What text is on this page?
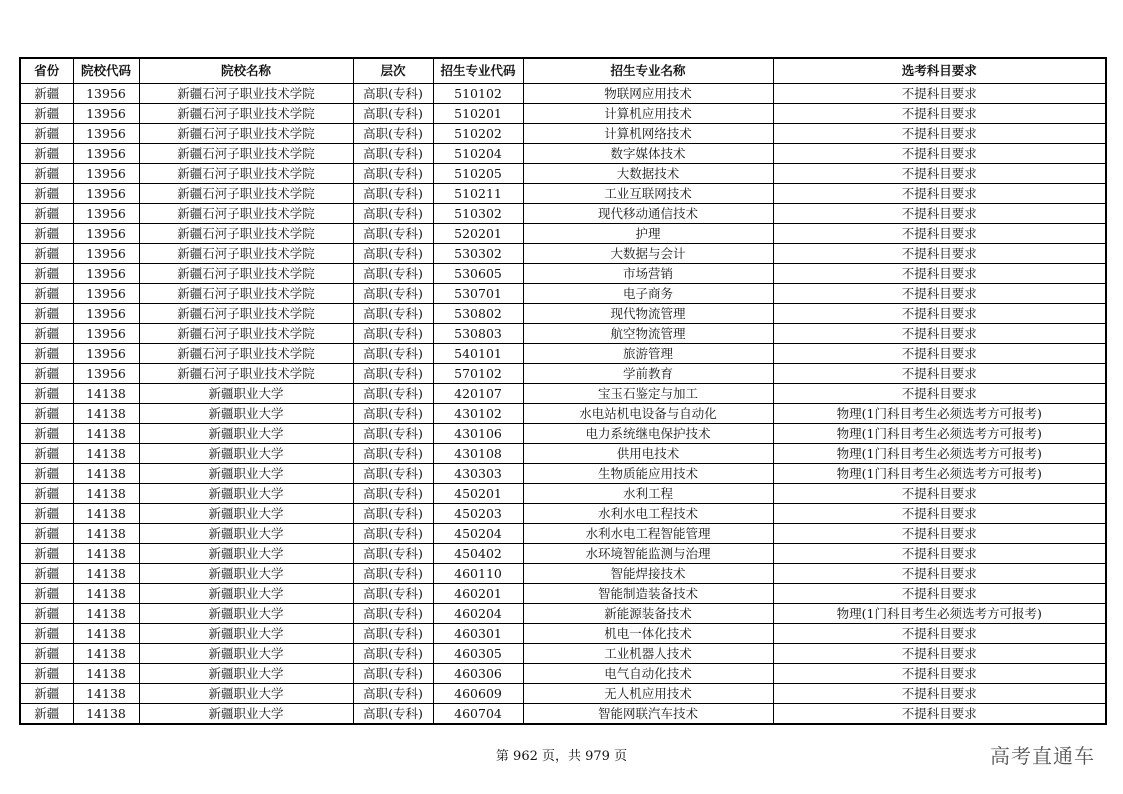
省份	院校代码	院校名称	层次	招生专业代码	招生专业名称	选考科目要求
新疆	13956	新疆石河子职业技术学院	高职(专科)	510102	物联网应用技术	不提科目要求
新疆	13956	新疆石河子职业技术学院	高职(专科)	510201	计算机应用技术	不提科目要求
新疆	13956	新疆石河子职业技术学院	高职(专科)	510202	计算机网络技术	不提科目要求
新疆	13956	新疆石河子职业技术学院	高职(专科)	510204	数字媒体技术	不提科目要求
新疆	13956	新疆石河子职业技术学院	高职(专科)	510205	大数据技术	不提科目要求
新疆	13956	新疆石河子职业技术学院	高职(专科)	510211	工业互联网技术	不提科目要求
新疆	13956	新疆石河子职业技术学院	高职(专科)	510302	现代移动通信技术	不提科目要求
新疆	13956	新疆石河子职业技术学院	高职(专科)	520201	护理	不提科目要求
新疆	13956	新疆石河子职业技术学院	高职(专科)	530302	大数据与会计	不提科目要求
新疆	13956	新疆石河子职业技术学院	高职(专科)	530605	市场营销	不提科目要求
新疆	13956	新疆石河子职业技术学院	高职(专科)	530701	电子商务	不提科目要求
新疆	13956	新疆石河子职业技术学院	高职(专科)	530802	现代物流管理	不提科目要求
新疆	13956	新疆石河子职业技术学院	高职(专科)	530803	航空物流管理	不提科目要求
新疆	13956	新疆石河子职业技术学院	高职(专科)	540101	旅游管理	不提科目要求
新疆	13956	新疆石河子职业技术学院	高职(专科)	570102	学前教育	不提科目要求
新疆	14138	新疆职业大学	高职(专科)	420107	宝玉石鉴定与加工	不提科目要求
新疆	14138	新疆职业大学	高职(专科)	430102	水电站机电设备与自动化	物理(1门科目考生必须选考方可报考)
新疆	14138	新疆职业大学	高职(专科)	430106	电力系统继电保护技术	物理(1门科目考生必须选考方可报考)
新疆	14138	新疆职业大学	高职(专科)	430108	供用电技术	物理(1门科目考生必须选考方可报考)
新疆	14138	新疆职业大学	高职(专科)	430303	生物质能应用技术	物理(1门科目考生必须选考方可报考)
新疆	14138	新疆职业大学	高职(专科)	450201	水利工程	不提科目要求
新疆	14138	新疆职业大学	高职(专科)	450203	水利水电工程技术	不提科目要求
新疆	14138	新疆职业大学	高职(专科)	450204	水利水电工程智能管理	不提科目要求
新疆	14138	新疆职业大学	高职(专科)	450402	水环境智能监测与治理	不提科目要求
新疆	14138	新疆职业大学	高职(专科)	460110	智能焊接技术	不提科目要求
新疆	14138	新疆职业大学	高职(专科)	460201	智能制造装备技术	不提科目要求
新疆	14138	新疆职业大学	高职(专科)	460204	新能源装备技术	物理(1门科目考生必须选考方可报考)
新疆	14138	新疆职业大学	高职(专科)	460301	机电一体化技术	不提科目要求
新疆	14138	新疆职业大学	高职(专科)	460305	工业机器人技术	不提科目要求
新疆	14138	新疆职业大学	高职(专科)	460306	电气自动化技术	不提科目要求
新疆	14138	新疆职业大学	高职(专科)	460609	无人机应用技术	不提科目要求
新疆	14138	新疆职业大学	高职(专科)	460704	智能网联汽车技术	不提科目要求
第 962 页，共 979 页	高考直通车
